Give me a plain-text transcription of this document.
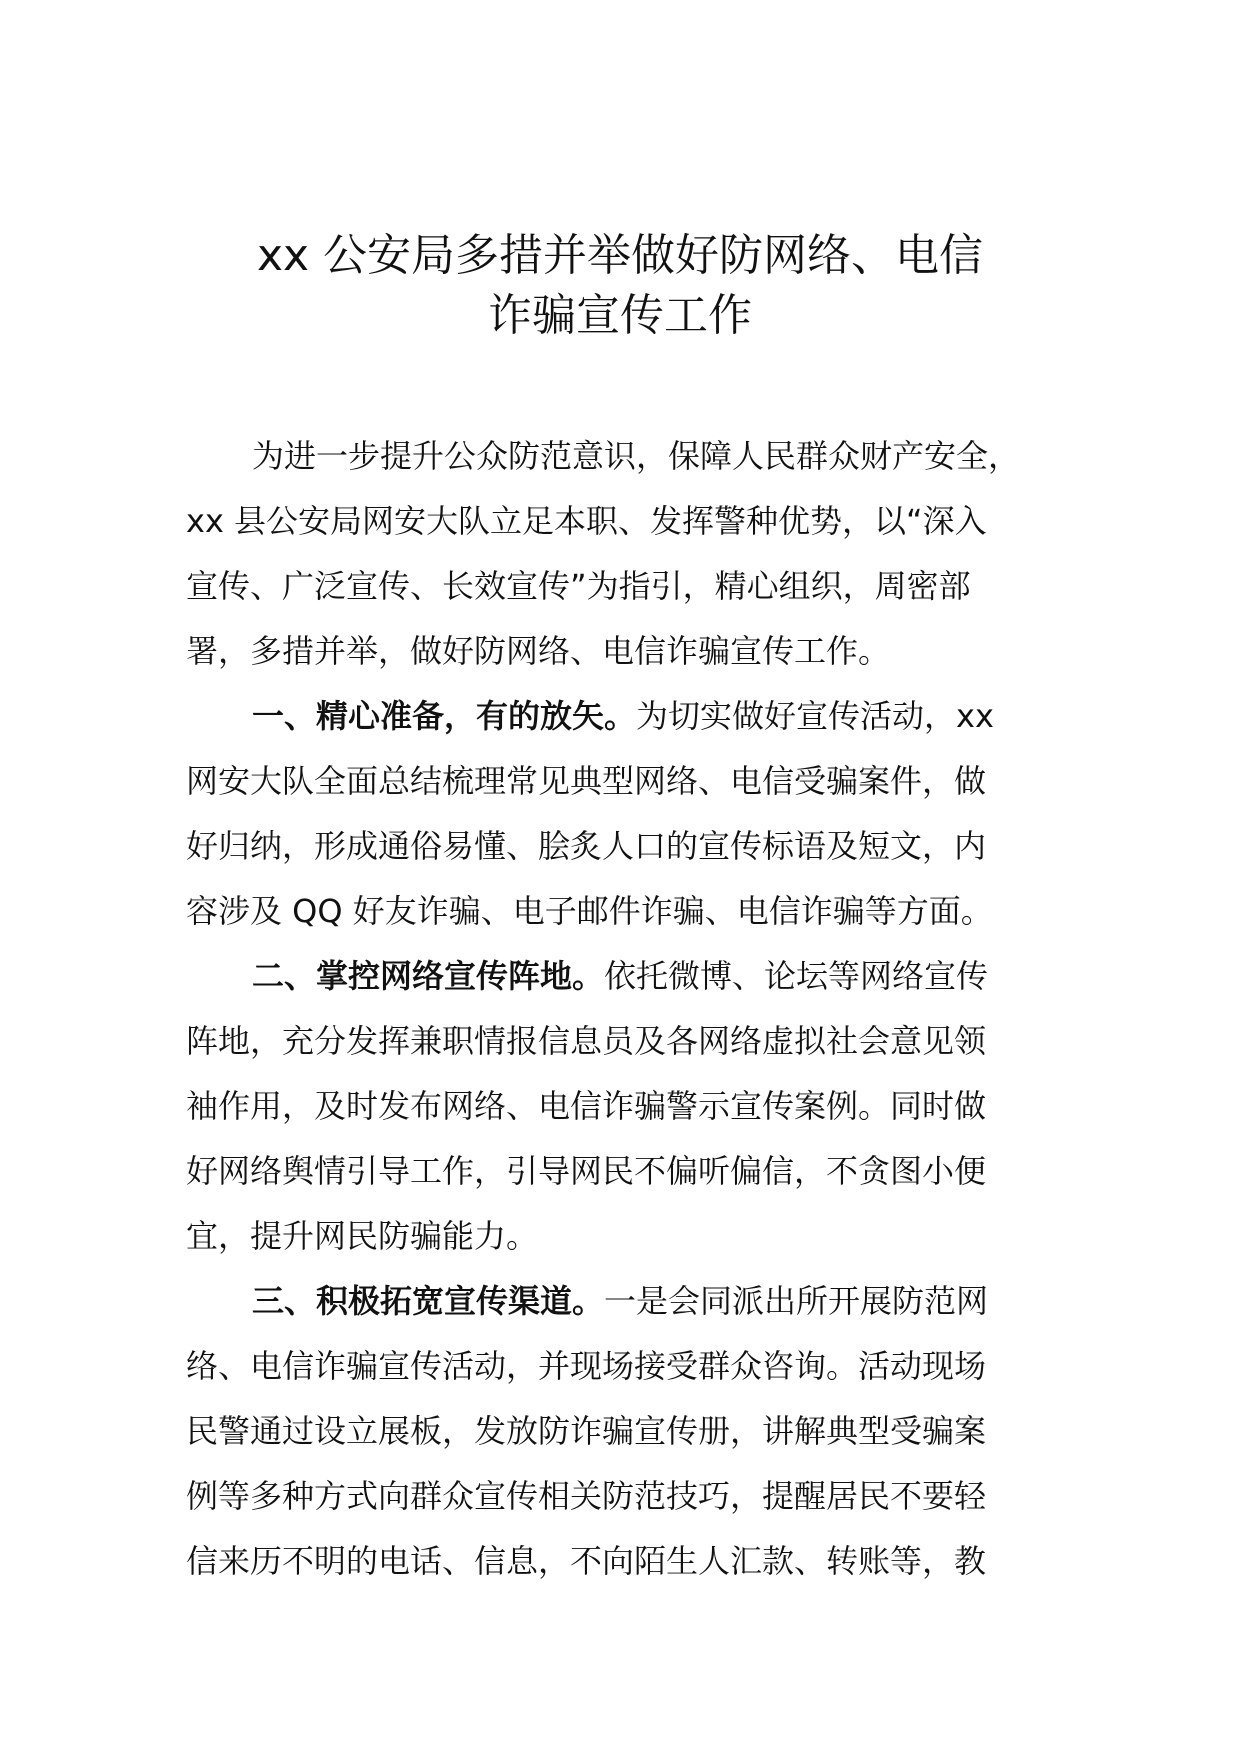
xx 公安局多措并举做好防网络、电信
诈骗宣传工作
为进一步提升公众防范意识，保障人民群众财产安全，
xx 县公安局网安大队立足本职、发挥警种优势，以“深入
宣传、广泛宣传、长效宣传”为指引，精心组织，周密部
署，多措并举，做好防网络、电信诈骗宣传工作。
一、精心准备，有的放矢。为切实做好宣传活动，xx
网安大队全面总结梳理常见典型网络、电信受骗案件，做
好归纳，形成通俗易懂、脍炙人口的宣传标语及短文，内
容涉及 QQ 好友诈骗、电子邮件诈骗、电信诈骗等方面。
二、掌控网络宣传阵地。依托微博、论坛等网络宣传
阵地，充分发挥兼职情报信息员及各网络虚拟社会意见领
袖作用，及时发布网络、电信诈骗警示宣传案例。同时做
好网络舆情引导工作，引导网民不偏听偏信，不贪图小便
宜，提升网民防骗能力。
三、积极拓宽宣传渠道。一是会同派出所开展防范网
络、电信诈骗宣传活动，并现场接受群众咨询。活动现场
民警通过设立展板，发放防诈骗宣传册，讲解典型受骗案
例等多种方式向群众宣传相关防范技巧，提醒居民不要轻
信来历不明的电话、信息，不向陌生人汇款、转账等，教
